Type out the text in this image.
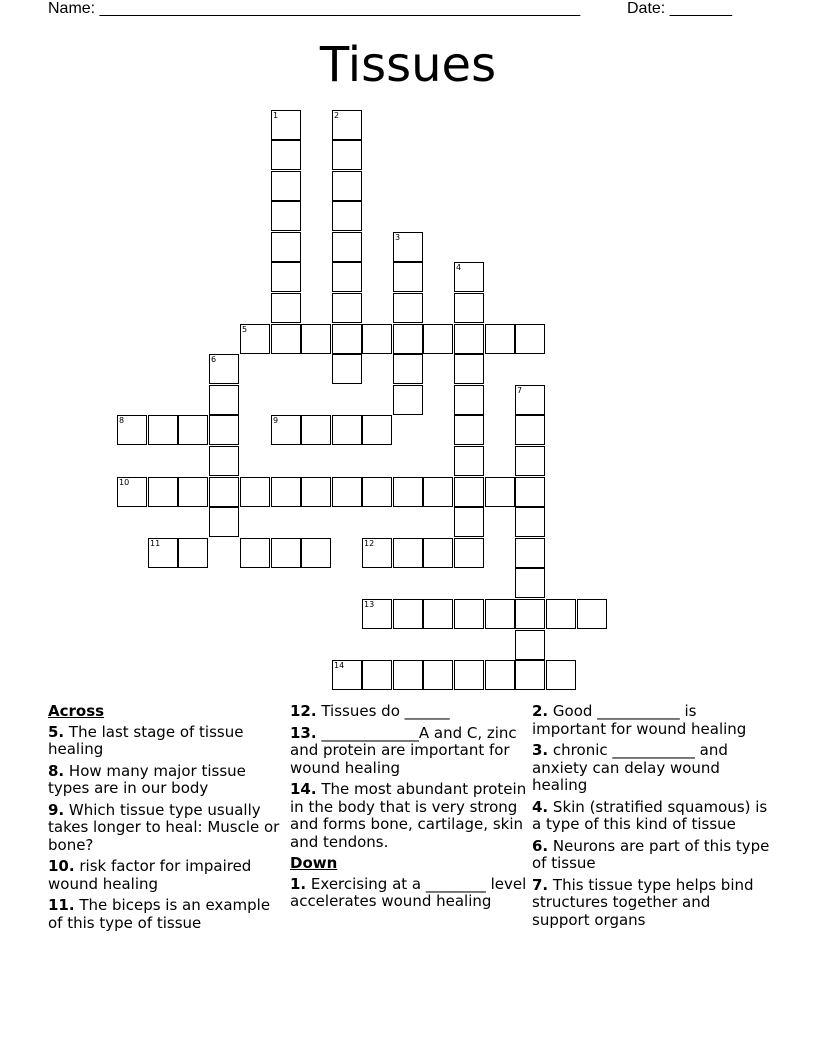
Name: ______________________________________________________	Date: _______
Tissues
1	2
3
4
5
6
7
8	9
10
11	12
13
14
Across
5. The last stage of tissue healing
8. How many major tissue types are in our body
9. Which tissue type usually takes longer to heal: Muscle or bone?
10. risk factor for impaired wound healing
11. The biceps is an example of this type of tissue
12. Tissues do ______
13. _____________A and C, zinc and protein are important for wound healing
14. The most abundant protein in the body that is very strong and forms bone, cartilage, skin and tendons.
Down
1. Exercising at a ________ level accelerates wound healing
2. Good ___________ is important for wound healing
3. chronic ___________ and anxiety can delay wound healing
4. Skin (stratified squamous) is a type of this kind of tissue
6. Neurons are part of this type of tissue
7. This tissue type helps bind structures together and support organs
